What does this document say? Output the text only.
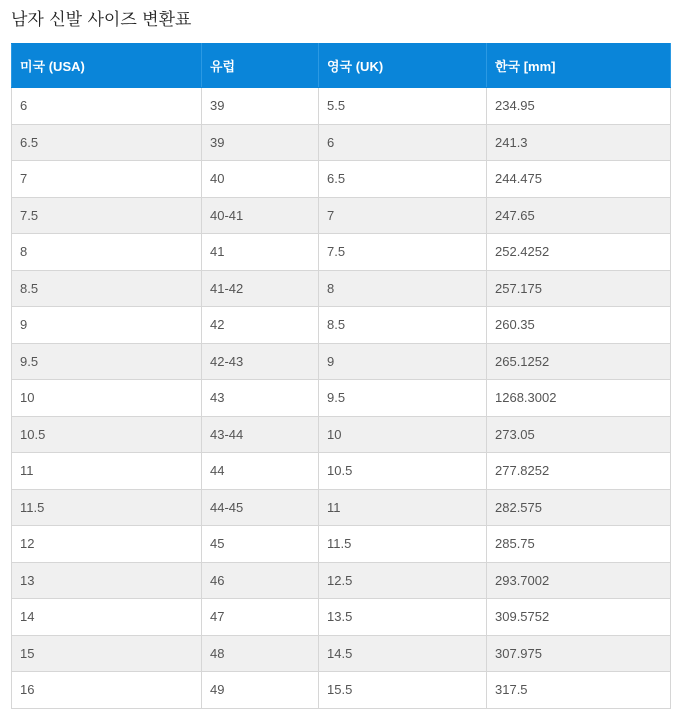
남자 신발 사이즈 변환표
미국 (USA)	유럽	영국 (UK)	한국 [mm]
6	39	5.5	234.95
6.5	39	6	241.3
7	40	6.5	244.475
7.5	40-41	7	247.65
8	41	7.5	252.4252
8.5	41-42	8	257.175
9	42	8.5	260.35
9.5	42-43	9	265.1252
10	43	9.5	1268.3002
10.5	43-44	10	273.05
11	44	10.5	277.8252
11.5	44-45	11	282.575
12	45	11.5	285.75
13	46	12.5	293.7002
14	47	13.5	309.5752
15	48	14.5	307.975
16	49	15.5	317.5
